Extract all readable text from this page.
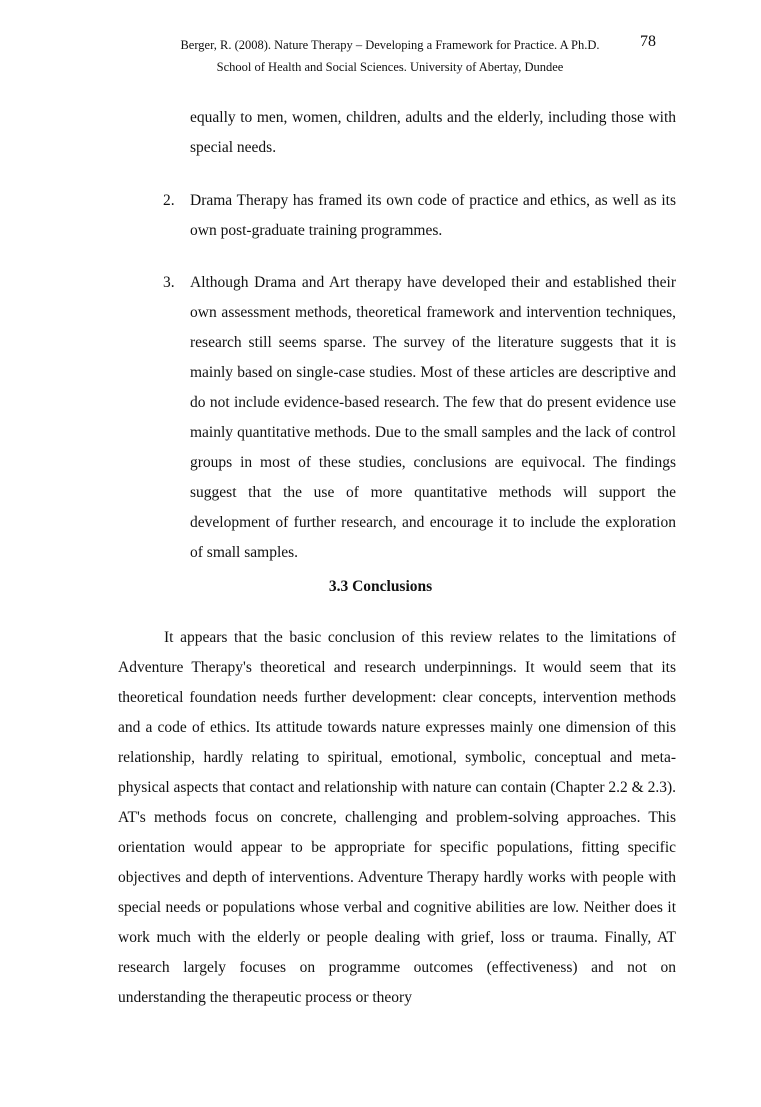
Berger, R. (2008). Nature Therapy – Developing a Framework for Practice. A Ph.D.
School of Health and Social Sciences. University of Abertay, Dundee
78

equally to men, women, children, adults and the elderly, including those with special needs.

2. Drama Therapy has framed its own code of practice and ethics, as well as its own post-graduate training programmes.

3. Although Drama and Art therapy have developed their and established their own assessment methods, theoretical framework and intervention techniques, research still seems sparse. The survey of the literature suggests that it is mainly based on single-case studies. Most of these articles are descriptive and do not include evidence-based research. The few that do present evidence use mainly quantitative methods. Due to the small samples and the lack of control groups in most of these studies, conclusions are equivocal. The findings suggest that the use of more quantitative methods will support the development of further research, and encourage it to include the exploration of small samples.

3.3 Conclusions

It appears that the basic conclusion of this review relates to the limitations of Adventure Therapy's theoretical and research underpinnings. It would seem that its theoretical foundation needs further development: clear concepts, intervention methods and a code of ethics. Its attitude towards nature expresses mainly one dimension of this relationship, hardly relating to spiritual, emotional, symbolic, conceptual and meta-physical aspects that contact and relationship with nature can contain (Chapter 2.2 & 2.3). AT's methods focus on concrete, challenging and problem-solving approaches. This orientation would appear to be appropriate for specific populations, fitting specific objectives and depth of interventions. Adventure Therapy hardly works with people with special needs or populations whose verbal and cognitive abilities are low. Neither does it work much with the elderly or people dealing with grief, loss or trauma. Finally, AT research largely focuses on programme outcomes (effectiveness) and not on understanding the therapeutic process or theory
